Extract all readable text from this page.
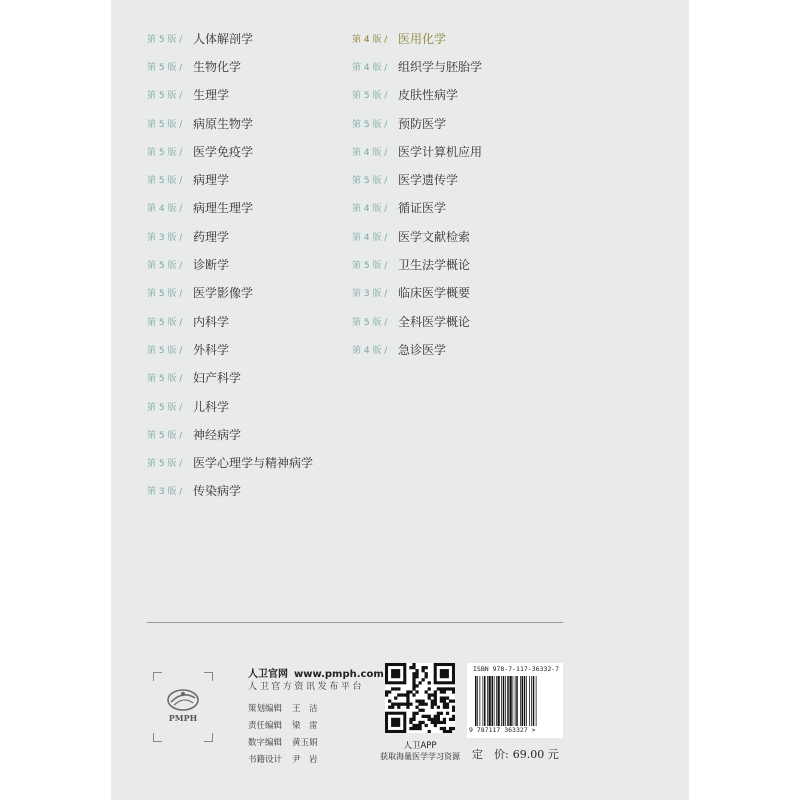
第 5 版 / 人体解剖学
第 5 版 / 生物化学
第 5 版 / 生理学
第 5 版 / 病原生物学
第 5 版 / 医学免疫学
第 5 版 / 病理学
第 4 版 / 病理生理学
第 3 版 / 药理学
第 5 版 / 诊断学
第 5 版 / 医学影像学
第 5 版 / 内科学
第 5 版 / 外科学
第 5 版 / 妇产科学
第 5 版 / 儿科学
第 5 版 / 神经病学
第 5 版 / 医学心理学与精神病学
第 3 版 / 传染病学
第 4 版 / 医用化学
第 4 版 / 组织学与胚胎学
第 5 版 / 皮肤性病学
第 5 版 / 预防医学
第 4 版 / 医学计算机应用
第 5 版 / 医学遗传学
第 4 版 / 循证医学
第 4 版 / 医学文献检索
第 5 版 / 卫生法学概论
第 3 版 / 临床医学概要
第 5 版 / 全科医学概论
第 4 版 / 急诊医学
PMPH
人卫官网 www.pmph.com
人卫官方资讯发布平台
策划编辑	王　洁
责任编辑	梁　雷
数字编辑	黄玉娟
书籍设计	尹　岩
人卫APP
获取海量医学学习资源
ISBN 978-7-117-36332-7
9 787117 363327 >
定　价: 69.00 元
